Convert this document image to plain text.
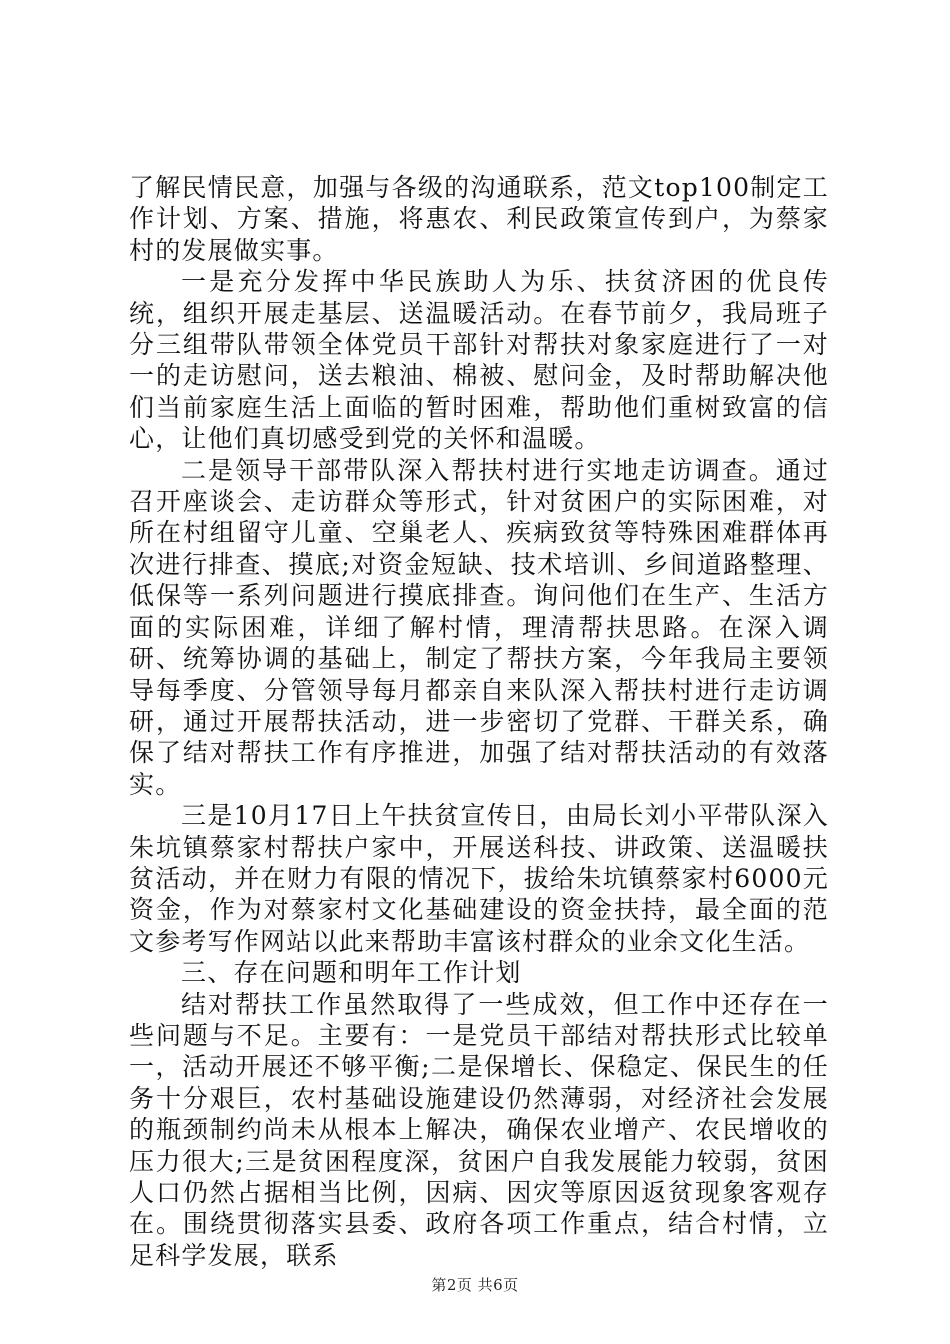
了解民情民意，加强与各级的沟通联系，范文top100制定工作计划、方案、措施，将惠农、利民政策宣传到户，为蔡家村的发展做实事。

一是充分发挥中华民族助人为乐、扶贫济困的优良传统，组织开展走基层、送温暖活动。在春节前夕，我局班子分三组带队带领全体党员干部针对帮扶对象家庭进行了一对一的走访慰问，送去粮油、棉被、慰问金，及时帮助解决他们当前家庭生活上面临的暂时困难，帮助他们重树致富的信心，让他们真切感受到党的关怀和温暖。

二是领导干部带队深入帮扶村进行实地走访调查。通过召开座谈会、走访群众等形式，针对贫困户的实际困难，对所在村组留守儿童、空巢老人、疾病致贫等特殊困难群体再次进行排查、摸底;对资金短缺、技术培训、乡间道路整理、低保等一系列问题进行摸底排查。询问他们在生产、生活方面的实际困难，详细了解村情，理清帮扶思路。在深入调研、统筹协调的基础上，制定了帮扶方案，今年我局主要领导每季度、分管领导每月都亲自来队深入帮扶村进行走访调研，通过开展帮扶活动，进一步密切了党群、干群关系，确保了结对帮扶工作有序推进，加强了结对帮扶活动的有效落实。

三是10月17日上午扶贫宣传日，由局长刘小平带队深入朱坑镇蔡家村帮扶户家中，开展送科技、讲政策、送温暖扶贫活动，并在财力有限的情况下，拔给朱坑镇蔡家村6000元资金，作为对蔡家村文化基础建设的资金扶持，最全面的范文参考写作网站以此来帮助丰富该村群众的业余文化生活。

三、存在问题和明年工作计划

结对帮扶工作虽然取得了一些成效，但工作中还存在一些问题与不足。主要有：一是党员干部结对帮扶形式比较单一，活动开展还不够平衡;二是保增长、保稳定、保民生的任务十分艰巨，农村基础设施建设仍然薄弱，对经济社会发展的瓶颈制约尚未从根本上解决，确保农业增产、农民增收的压力很大;三是贫困程度深，贫困户自我发展能力较弱，贫困人口仍然占据相当比例，因病、因灾等原因返贫现象客观存在。围绕贯彻落实县委、政府各项工作重点，结合村情，立足科学发展，联系

第2页 共6页
